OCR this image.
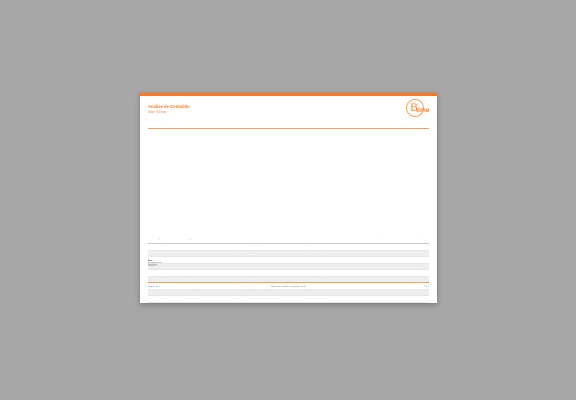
Análise de Conteúdo
Site: BTime	B
time
Nº	Página/Aba	Título da página	URL	Descrição	Formato	Condição para Revisar	Mais Informações, Intervenção, Decisão
1	Homepage	Home - Tranklin do Outro Website	http://www.btime.com.br/pagina/homepage.html	Página de entrada do site	Texto	Sublinhados	Reescrever
2	Sobre	Sobre	http://www.btime.com.br/pagina/sobre-nos.html	Informações sobre a empresa	Texto	Sublinhados	Reescrever
3	Serviços	Serviços	http://www.btime.com.br/pagina/servicos.html	Lista de serviços oferecidos	Texto	Sublinhados	Incluir
3.1	Consultoria	Consultoria	http://www.btime.com.br/pagina/consultoria.html	Detalhes da consultoria	Texto	Sublinhados	Incluir
3.2	Design	Design	http://www.btime.com.br/pagina/design.html	Projetos de design e identidade	Texto	Sublinhados	Incluir
3.3	Marketing	Marketing	http://www.btime.com.br/pagina/marketing.html	Serviços de marketing digital	Texto	Sublinhados	Incluir
4	Portfólio	Portfólio	http://www.btime.com.br/pagina/portfolio.html	Galeria de trabalhos realizados	Texto	Sublinhados	Incluir
4.1	Identidade visual	Identidade visual e design de marca	http://www.btime.com.br/pagina/identidade-visual-e-design.html	Exemplos de marcas criadas	Texto	Sublinhados	Incluir
4.2	Embalagens	Embalagens e design de produto	http://www.btime.com.br/pagina/embalagens-e-design-de-produto.html	Projetos de embalagens e produtos	Texto	Sublinhados	Incluir
Notas
Nota explicativa do item
Fonte dos dados
Observações
Página 1 de 1	Análise de Conteúdo | www.btime.com.br	Pg. 1
